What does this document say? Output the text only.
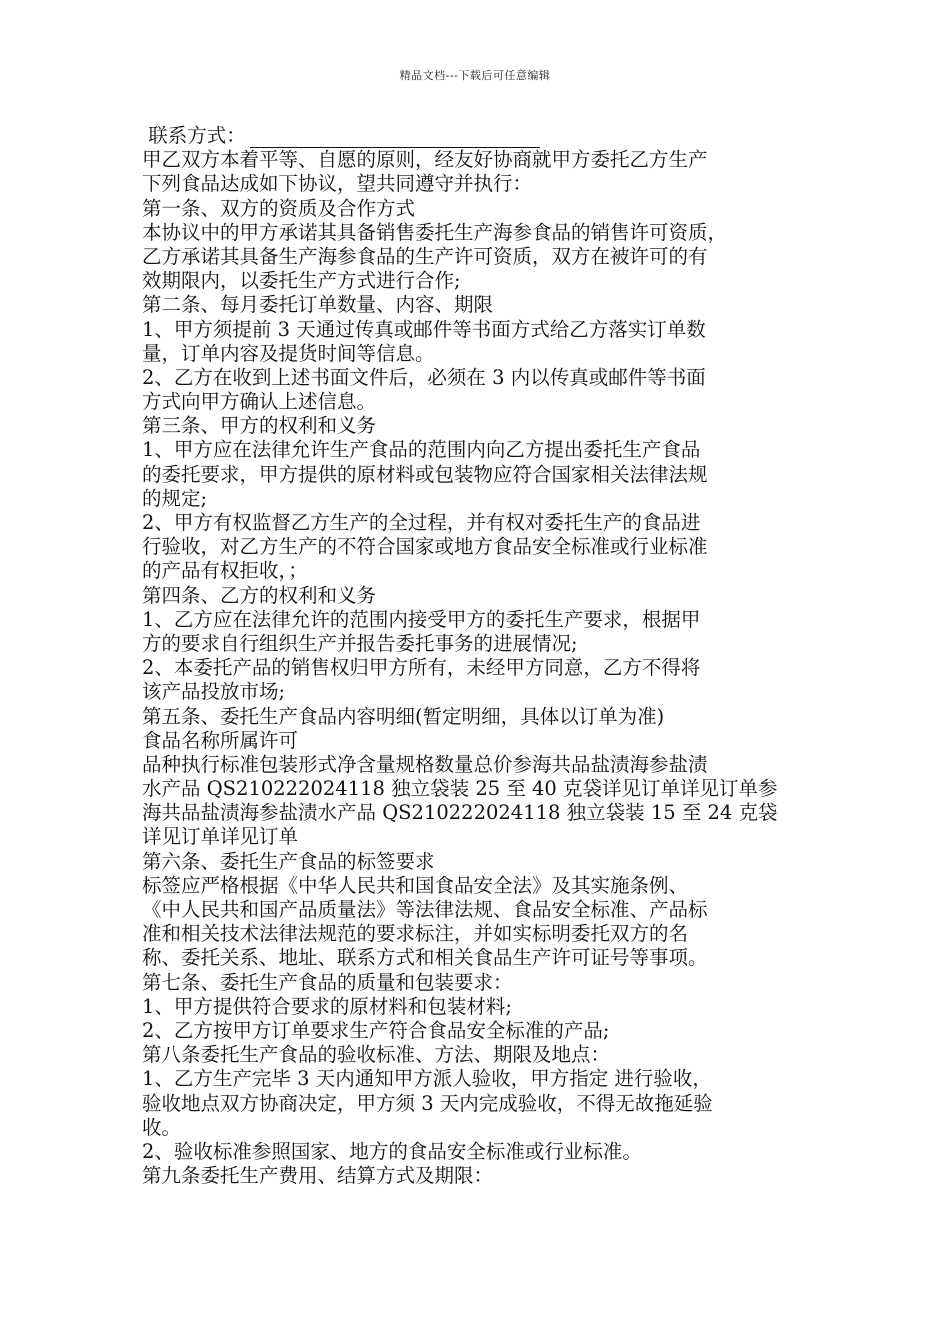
精品文档---下载后可任意编辑

联系方式：
甲乙双方本着平等、自愿的原则，经友好协商就甲方委托乙方生产
下列食品达成如下协议，望共同遵守并执行：
第一条、双方的资质及合作方式
本协议中的甲方承诺其具备销售委托生产海参食品的销售许可资质，
乙方承诺其具备生产海参食品的生产许可资质，双方在被许可的有
效期限内，以委托生产方式进行合作;
第二条、每月委托订单数量、内容、期限
1、甲方须提前 3 天通过传真或邮件等书面方式给乙方落实订单数
量，订单内容及提货时间等信息。
2、乙方在收到上述书面文件后，必须在 3 内以传真或邮件等书面
方式向甲方确认上述信息。
第三条、甲方的权利和义务
1、甲方应在法律允许生产食品的范围内向乙方提出委托生产食品
的委托要求，甲方提供的原材料或包装物应符合国家相关法律法规
的规定;
2、甲方有权监督乙方生产的全过程，并有权对委托生产的食品进
行验收，对乙方生产的不符合国家或地方食品安全标准或行业标准
的产品有权拒收，；
第四条、乙方的权利和义务
1、乙方应在法律允许的范围内接受甲方的委托生产要求，根据甲
方的要求自行组织生产并报告委托事务的进展情况;
2、本委托产品的销售权归甲方所有，未经甲方同意，乙方不得将
该产品投放市场;
第五条、委托生产食品内容明细(暂定明细，具体以订单为准)
食品名称所属许可
品种执行标准包装形式净含量规格数量总价参海共品盐渍海参盐渍
水产品 QS210222024118 独立袋装 25 至 40 克袋详见订单详见订单参
海共品盐渍海参盐渍水产品 QS210222024118 独立袋装 15 至 24 克袋
详见订单详见订单
第六条、委托生产食品的标签要求
标签应严格根据《中华人民共和国食品安全法》及其实施条例、
《中人民共和国产品质量法》等法律法规、食品安全标准、产品标
准和相关技术法律法规范的要求标注，并如实标明委托双方的名
称、委托关系、地址、联系方式和相关食品生产许可证号等事项。
第七条、委托生产食品的质量和包装要求：
1、甲方提供符合要求的原材料和包装材料;
2、乙方按甲方订单要求生产符合食品安全标准的产品;
第八条委托生产食品的验收标准、方法、期限及地点：
1、乙方生产完毕 3 天内通知甲方派人验收，甲方指定 进行验收，
验收地点双方协商决定，甲方须 3 天内完成验收，不得无故拖延验
收。
2、验收标准参照国家、地方的食品安全标准或行业标准。
第九条委托生产费用、结算方式及期限：
